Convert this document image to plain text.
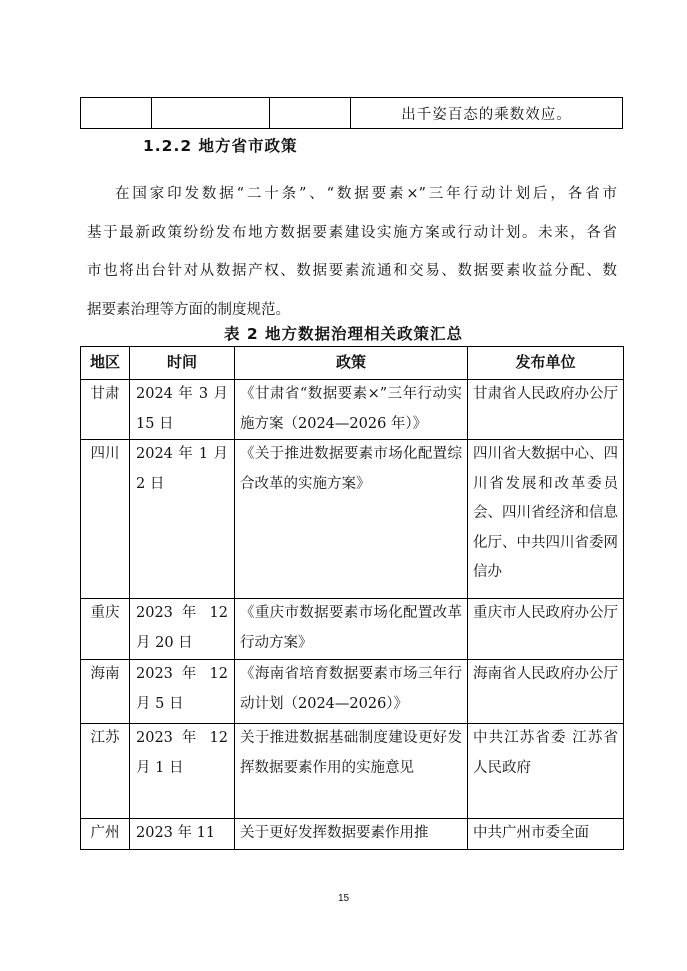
			出千姿百态的乘数效应。
1.2.2 地方省市政策
在国家印发数据“二十条”、“数据要素×”三年行动计划后，各省市
基于最新政策纷纷发布地方数据要素建设实施方案或行动计划。未来，各省
市也将出台针对从数据产权、数据要素流通和交易、数据要素收益分配、数
据要素治理等方面的制度规范。
表 2 地方数据治理相关政策汇总
地区	时间	政策	发布单位
甘肃	2024 年 3 月 15 日	《甘肃省“数据要素×”三年行动实施方案（2024—2026 年）》	甘肃省人民政府办公厅
四川	2024 年 1 月 2 日	《关于推进数据要素市场化配置综合改革的实施方案》	四川省大数据中心、四川省发展和改革委员会、四川省经济和信息化厅、中共四川省委网信办
重庆	2023 年 12 月 20 日	《重庆市数据要素市场化配置改革行动方案》	重庆市人民政府办公厅
海南	2023 年 12 月 5 日	《海南省培育数据要素市场三年行动计划（2024—2026）》	海南省人民政府办公厅
江苏	2023 年 12 月 1 日	关于推进数据基础制度建设更好发挥数据要素作用的实施意见	中共江苏省委 江苏省人民政府
广州	2023 年 11	关于更好发挥数据要素作用推	中共广州市委全面
15
